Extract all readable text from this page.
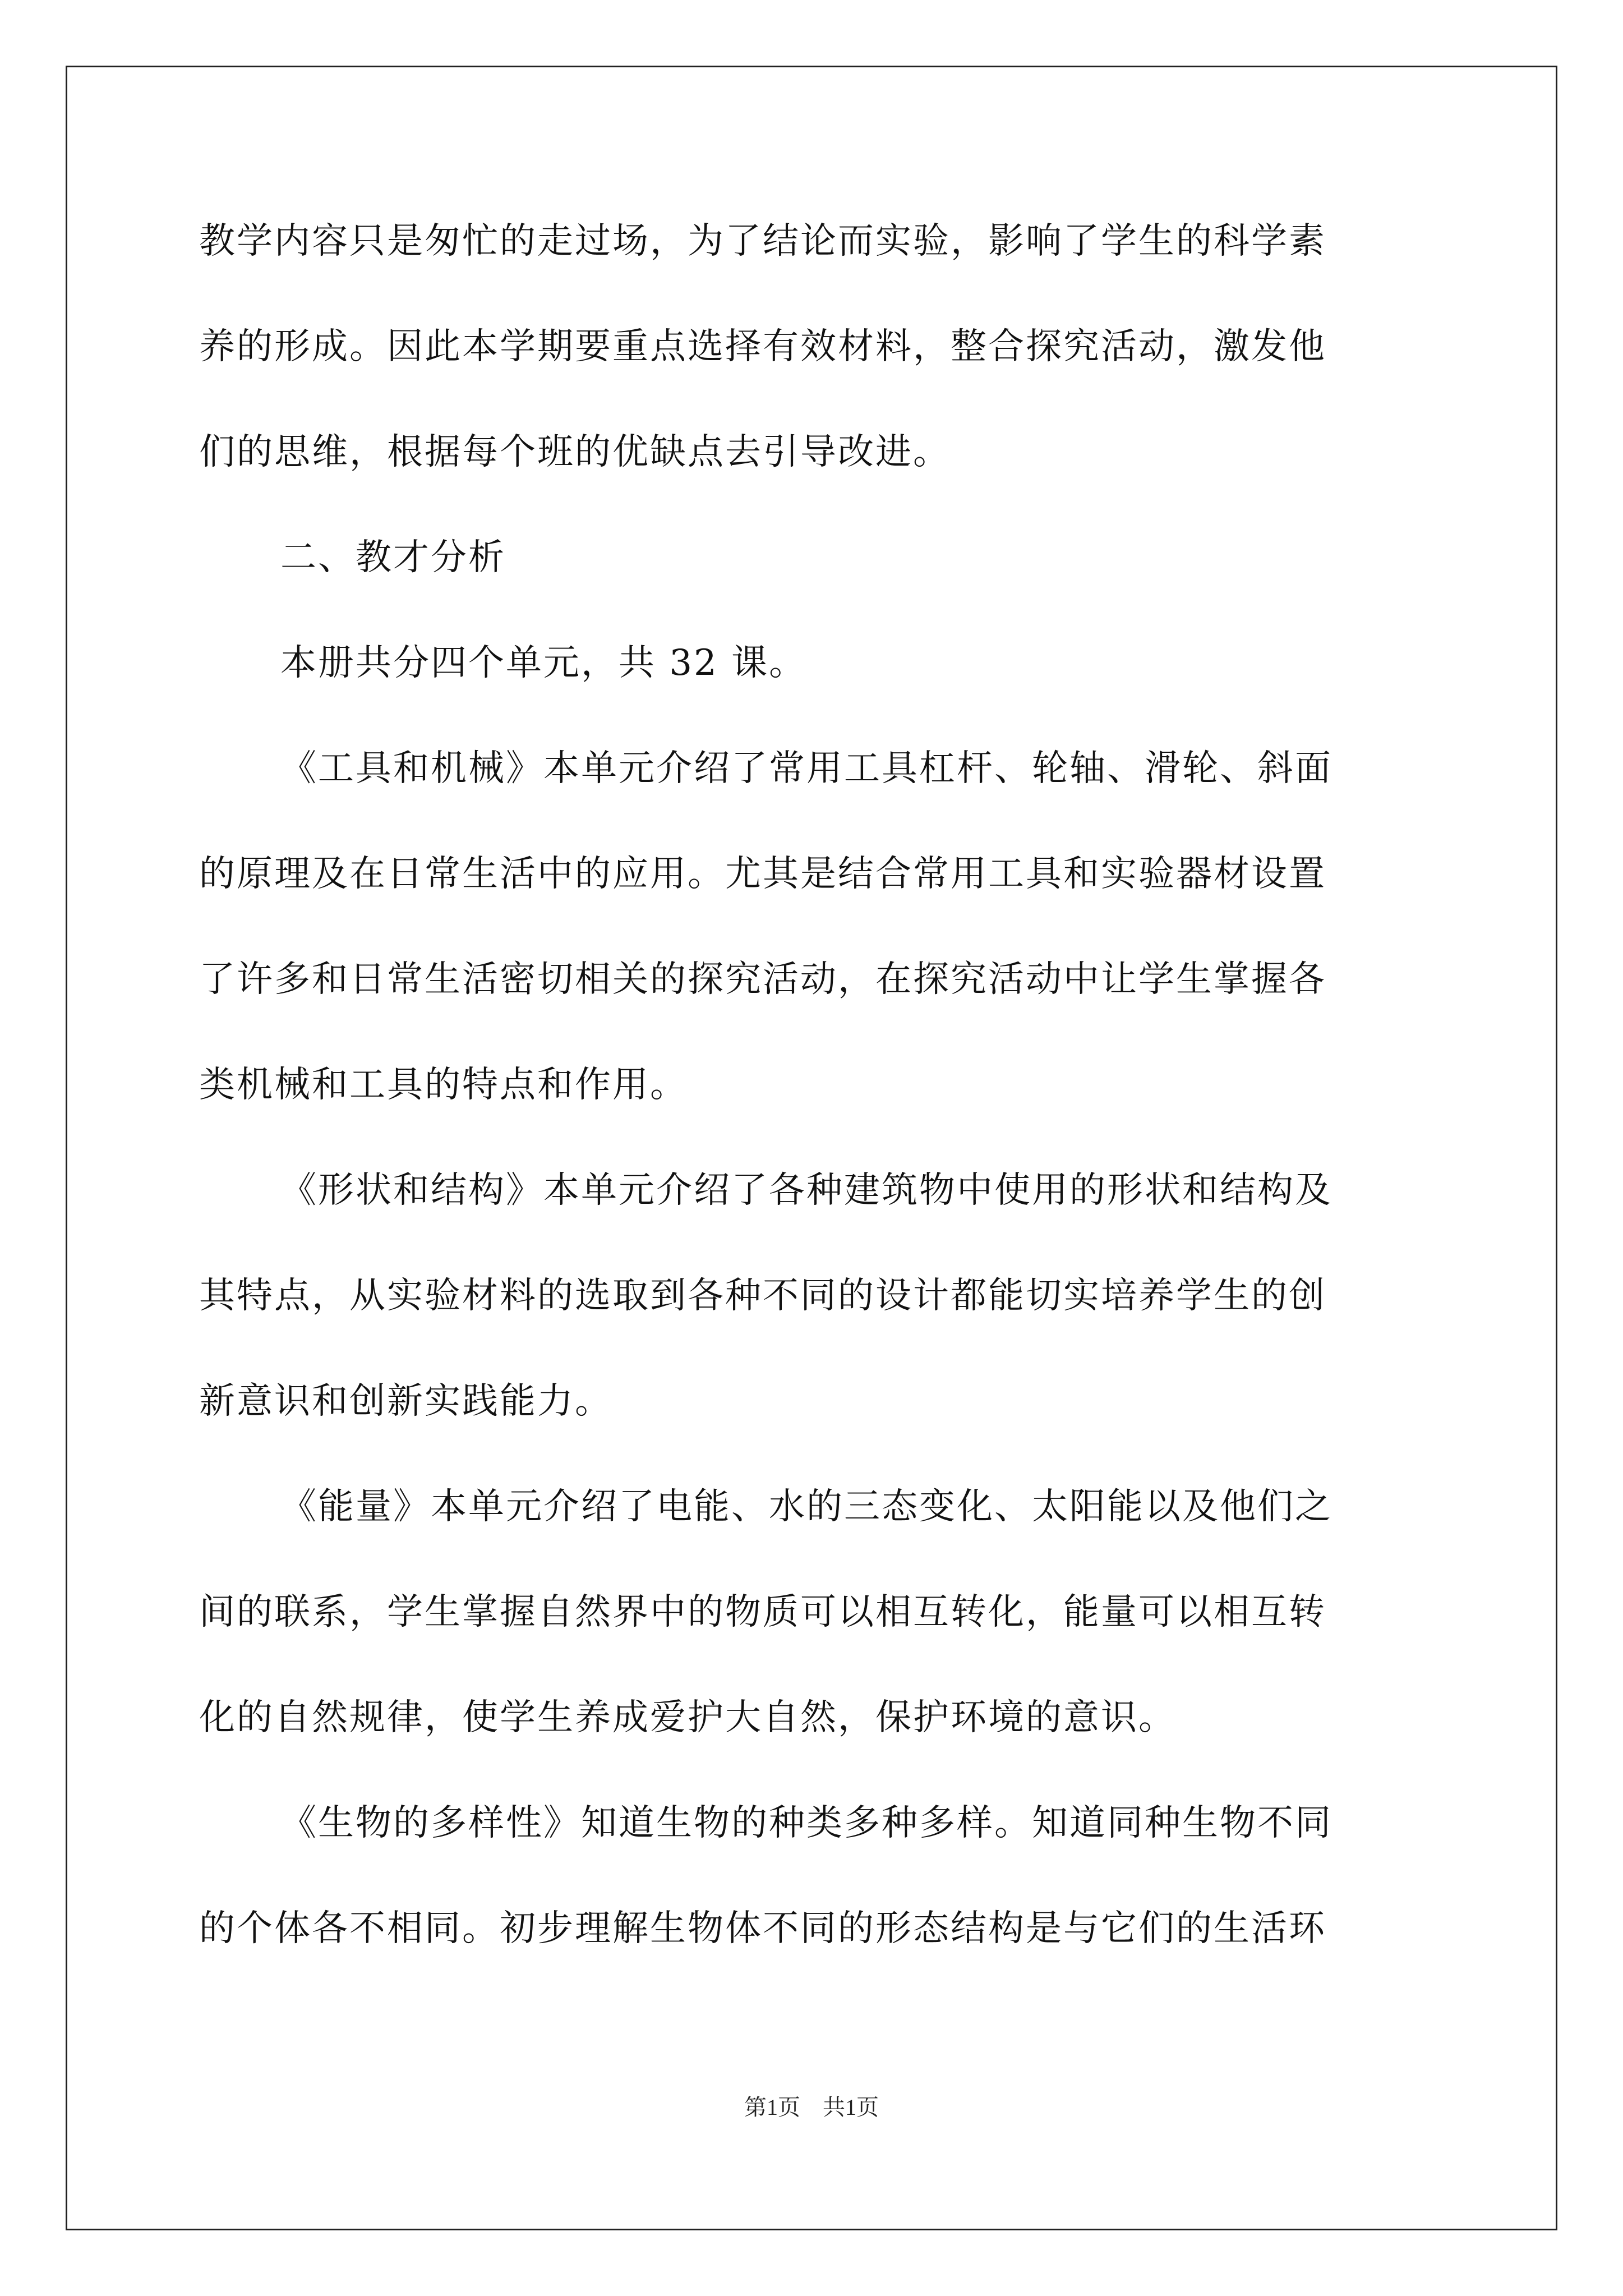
教学内容只是匆忙的走过场，为了结论而实验，影响了学生的科学素
养的形成。因此本学期要重点选择有效材料，整合探究活动，激发他
们的思维，根据每个班的优缺点去引导改进。
二、教才分析
本册共分四个单元，共 32 课。
《工具和机械》本单元介绍了常用工具杠杆、轮轴、滑轮、斜面
的原理及在日常生活中的应用。尤其是结合常用工具和实验器材设置
了许多和日常生活密切相关的探究活动，在探究活动中让学生掌握各
类机械和工具的特点和作用。
《形状和结构》本单元介绍了各种建筑物中使用的形状和结构及
其特点，从实验材料的选取到各种不同的设计都能切实培养学生的创
新意识和创新实践能力。
《能量》本单元介绍了电能、水的三态变化、太阳能以及他们之
间的联系，学生掌握自然界中的物质可以相互转化，能量可以相互转
化的自然规律，使学生养成爱护大自然，保护环境的意识。
《生物的多样性》知道生物的种类多种多样。知道同种生物不同
的个体各不相同。初步理解生物体不同的形态结构是与它们的生活环
第1页　共1页
